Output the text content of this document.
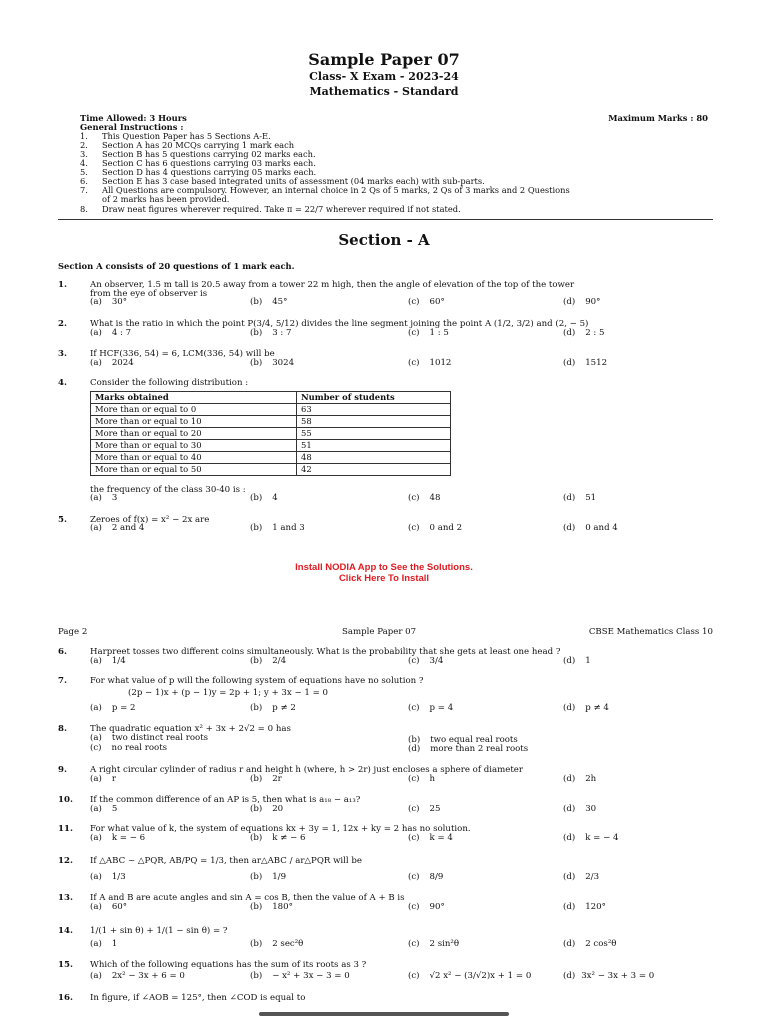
Sample Paper 07
Class- X Exam - 2023-24
Mathematics - Standard
Time Allowed: 3 Hours	Maximum Marks : 80
General Instructions :
1. This Question Paper has 5 Sections A-E.
2. Section A has 20 MCQs carrying 1 mark each
3. Section B has 5 questions carrying 02 marks each.
4. Section C has 6 questions carrying 03 marks each.
5. Section D has 4 questions carrying 05 marks each.
6. Section E has 3 case based integrated units of assessment (04 marks each) with sub-parts.
7. All Questions are compulsory. However, an internal choice in 2 Qs of 5 marks, 2 Qs of 3 marks and 2 Questions
of 2 marks has been provided.
8. Draw neat figures wherever required. Take π = 22/7 wherever required if not stated.
Section - A
Section A consists of 20 questions of 1 mark each.
1.	An observer, 1.5 m tall is 20.5 away from a tower 22 m high, then the angle of elevation of the top of the tower
from the eye of observer is
(a) 30°	(b) 45°	(c) 60°	(d) 90°
2.	What is the ratio in which the point P(3/4, 5/12) divides the line segment joining the point A (1/2, 3/2) and (2, − 5)
(a) 4 : 7	(b) 3 : 7	(c) 1 : 5	(d) 2 : 5
3.	If HCF(336, 54) = 6, LCM(336, 54) will be
(a) 2024	(b) 3024	(c) 1012	(d) 1512
4.	Consider the following distribution :
Marks obtained	Number of students
More than or equal to 0	63
More than or equal to 10	58
More than or equal to 20	55
More than or equal to 30	51
More than or equal to 40	48
More than or equal to 50	42
the frequency of the class 30-40 is :
(a) 3	(b) 4	(c) 48	(d) 51
5.	Zeroes of f(x) = x² − 2x are
(a) 2 and 4	(b) 1 and 3	(c) 0 and 2	(d) 0 and 4
Install NODIA App to See the Solutions.
Click Here To Install
Page 2	Sample Paper 07	CBSE Mathematics Class 10
6.	Harpreet tosses two different coins simultaneously. What is the probability that she gets at least one head ?
(a) 1/4	(b) 2/4	(c) 3/4	(d) 1
7.	For what value of p will the following system of equations have no solution ?
(2p − 1)x + (p − 1)y = 2p + 1; y + 3x − 1 = 0
(a) p = 2	(b) p ≠ 2	(c) p = 4	(d) p ≠ 4
8.	The quadratic equation x² + 3x + 2√2 = 0 has
(a) two distinct real roots	(b) two equal real roots
(c) no real roots	(d) more than 2 real roots
9.	A right circular cylinder of radius r and height h (where, h > 2r) just encloses a sphere of diameter
(a) r	(b) 2r	(c) h	(d) 2h
10. If the common difference of an AP is 5, then what is a₁₈ − a₁₃?
(a) 5	(b) 20	(c) 25	(d) 30
11. For what value of k, the system of equations kx + 3y = 1, 12x + ky = 2 has no solution.
(a) k = − 6	(b) k ≠ − 6	(c) k = 4	(d) k = − 4
12. If △ABC ~ △PQR, AB/PQ = 1/3, then ar△ABC / ar△PQR will be
(a) 1/3	(b) 1/9	(c) 8/9	(d) 2/3
13. If A and B are acute angles and sin A = cos B, then the value of A + B is
(a) 60°	(b) 180°	(c) 90°	(d) 120°
14. 1/(1 + sin θ) + 1/(1 − sin θ) = ?
(a) 1	(b) 2 sec²θ	(c) 2 sin²θ	(d) 2 cos²θ
15. Which of the following equations has the sum of its roots as 3 ?
(a) 2x² − 3x + 6 = 0	(b) − x² + 3x − 3 = 0	(c) √2 x² − (3/√2)x + 1 = 0	(d) 3x² − 3x + 3 = 0
16. In figure, if ∠AOB = 125°, then ∠COD is equal to
